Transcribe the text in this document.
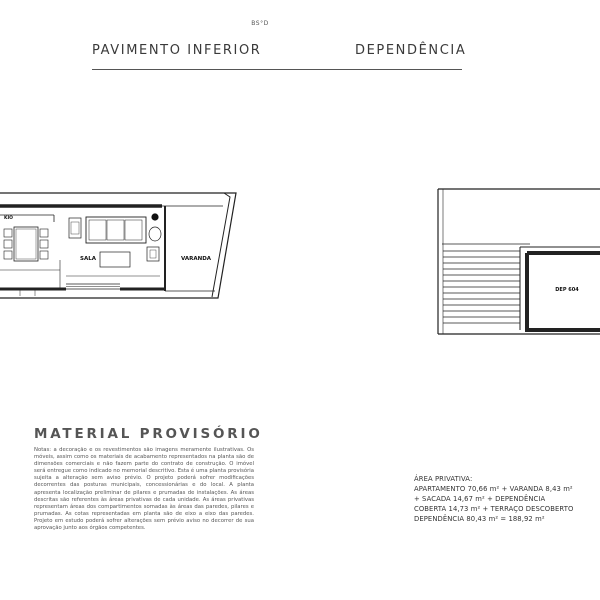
BS°D
PAVIMENTO INFERIOR	DEPENDÊNCIA
KIO
SALA	VARANDA
DEP 604
MATERIAL PROVISÓRIO
Notas: a decoração e os revestimentos são imagens meramente ilustrativas. Os móveis, assim como os materiais de acabamento representados na planta são de dimensões comerciais e não fazem parte do contrato de construção. O imóvel será entregue como indicado no memorial descritivo. Esta é uma planta provisória sujeita a alteração sem aviso prévio. O projeto poderá sofrer modificações decorrentes das posturas municipais, concessionárias e do local. A planta apresenta localização preliminar de pilares e prumadas de instalações. As áreas descritas são referentes às áreas privativas de cada unidade. As áreas privativas representam áreas dos compartimentos somadas às áreas das paredes, pilares e prumadas. As cotas representadas em planta são de eixo a eixo das paredes. Projeto em estudo poderá sofrer alterações sem prévio aviso no decorrer de sua aprovação junto aos órgãos competentes.
ÁREA PRIVATIVA:
APARTAMENTO 70,66 m² + VARANDA 8,43 m²
+ SACADA 14,67 m² + DEPENDÊNCIA
COBERTA 14,73 m² + TERRAÇO DESCOBERTO
DEPENDÊNCIA 80,43 m² = 188,92 m²
